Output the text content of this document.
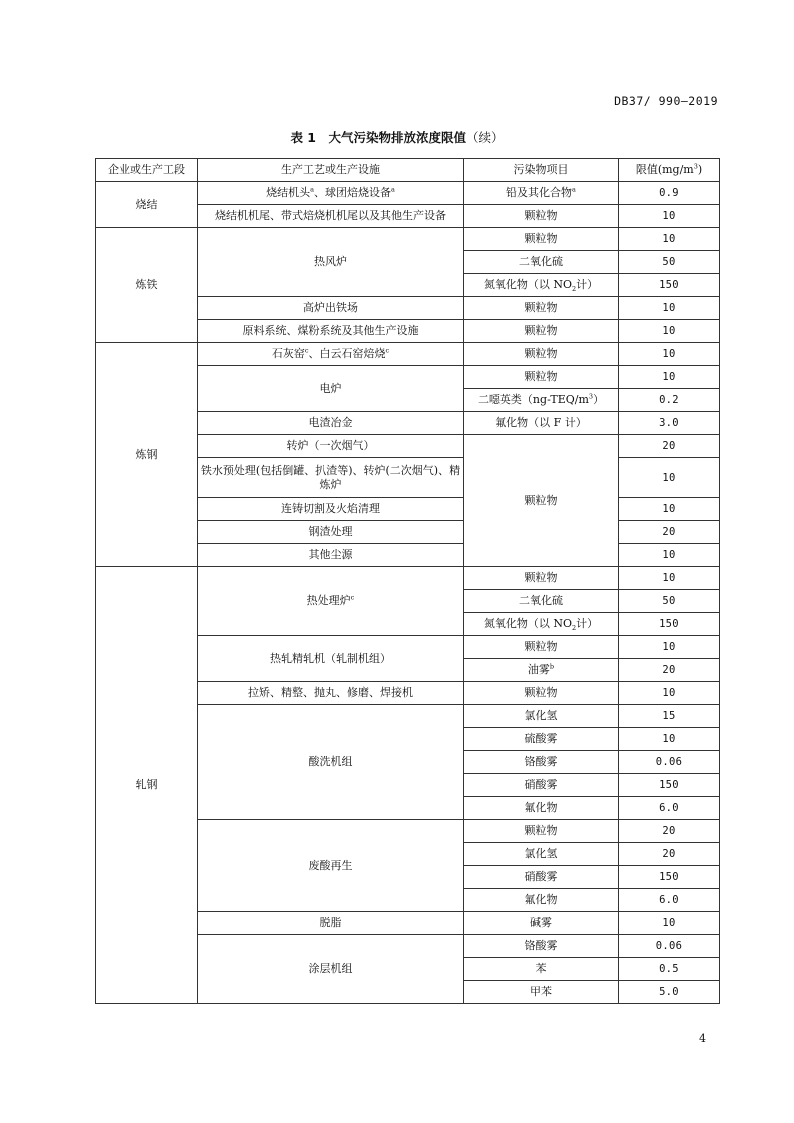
DB37/ 990—2019
表 1　大气污染物排放浓度限值（续）
企业或生产工段	生产工艺或生产设施	污染物项目	限值$(mg/m^3)$
烧结	烧结机头$^a$、球团焙烧设备$^a$	铅及其化合物$^a$	0.9
	烧结机机尾、带式焙烧机机尾以及其他生产设备	颗粒物	10
炼铁	热风炉	颗粒物	10
		二氧化硫	50
		氮氧化物（以 $NO_2$计）	150
	高炉出铁场	颗粒物	10
	原料系统、煤粉系统及其他生产设施	颗粒物	10
炼钢	石灰窑$^c$、白云石窑焙烧$^c$	颗粒物	10
	电炉	颗粒物	10
		二噁英类$(ng-TEQ/m^3)$	0.2
	电渣冶金	氟化物（以 F 计）	3.0
	转炉（一次烟气）	颗粒物	20
	铁水预处理(包括倒罐、扒渣等)、转炉(二次烟气)、精炼炉		10
	连铸切割及火焰清理		10
	钢渣处理		20
	其他尘源		10
轧钢	热处理炉$^c$	颗粒物	10
		二氧化硫	50
		氮氧化物（以 $NO_2$计）	150
	热轧精轧机（轧制机组）	颗粒物	10
		油雾$^b$	20
	拉矫、精整、抛丸、修磨、焊接机	颗粒物	10
	酸洗机组	氯化氢	15
		硫酸雾	10
		铬酸雾	0.06
		硝酸雾	150
		氟化物	6.0
	废酸再生	颗粒物	20
		氯化氢	20
		硝酸雾	150
		氟化物	6.0
	脱脂	碱雾	10
	涂层机组	铬酸雾	0.06
		苯	0.5
		甲苯	5.0
4
